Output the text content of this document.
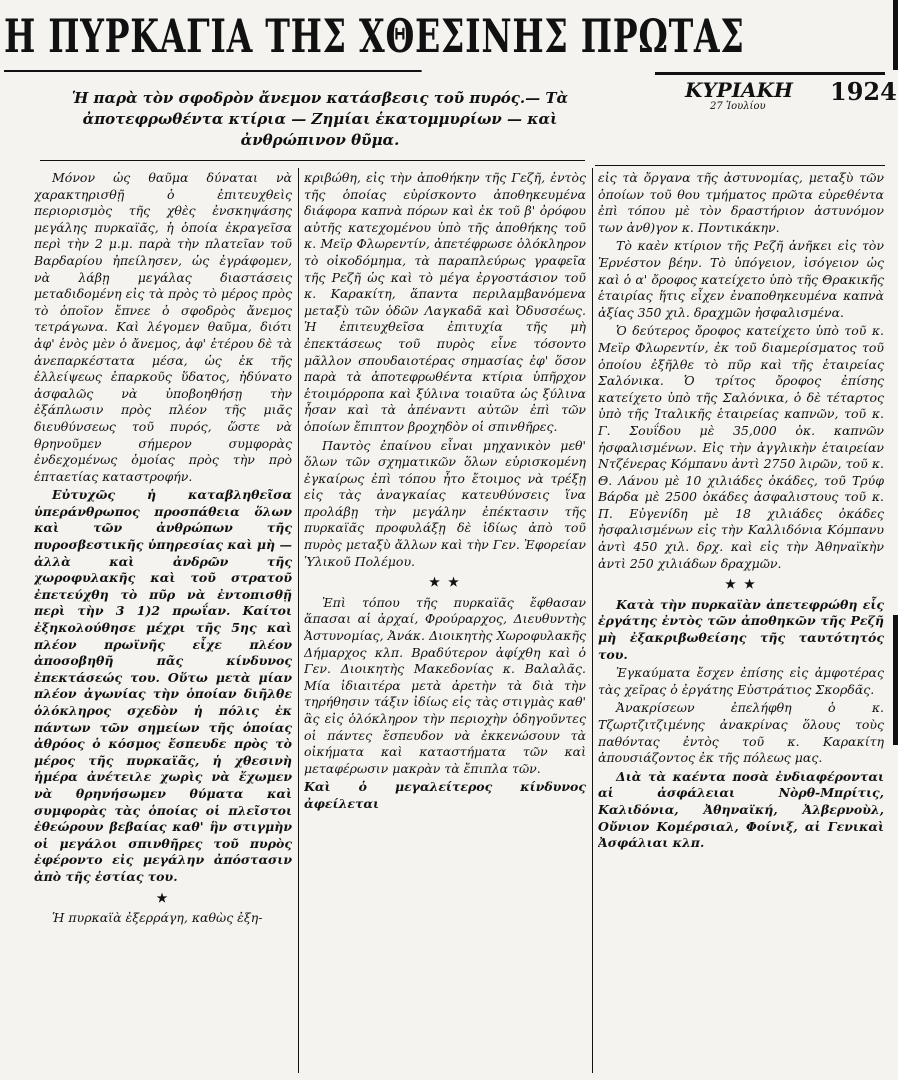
Η ΠΥΡΚΑΓΙΑ ΤΗΣ ΧΘΕΣΙΝΗΣ ΠΡΩΤΑΣ
ΚΥΡΙΑΚΗ
27 Ἰουλίου
1924
Ἡ παρὰ τὸν σφοδρὸν ἄνεμον κατάσβεσις τοῦ πυρός.— Τὰ ἀποτεφρωθέντα κτίρια — Ζημίαι ἑκατομμυρίων — καὶ ἀνθρώπινον θῦμα.

Μόνον ὡς θαῦμα δύναται νὰ χαρακτηρισθῇ ὁ ἐπιτευχθεὶς περιορισμὸς τῆς χθὲς ἐνσκηψάσης μεγάλης πυρκαϊᾶς, ἡ ὁποία ἐκραγεῖσα περὶ τὴν 2 μ.μ. παρὰ τὴν πλατεῖαν τοῦ Βαρδαρίου ἠπείλησεν, ὡς ἐγράφομεν, νὰ λάβῃ μεγάλας διαστάσεις μεταδιδομένη εἰς τὰ πρὸς τὸ μέρος πρὸς τὸ ὁποῖον ἔπνεε ὁ σφοδρὸς ἄνεμος τετράγωνα. Καὶ λέγομεν θαῦμα, διότι ἀφ' ἑνὸς μὲν ὁ ἄνεμος, ἀφ' ἑτέρου δὲ τὰ ἀνεπαρκέστατα μέσα, ὡς ἐκ τῆς ἐλλείψεως ἐπαρκοῦς ὕδατος, ἠδύνατο ἀσφαλῶς νὰ ὑποβοηθήσῃ τὴν ἐξάπλωσιν πρὸς πλέον τῆς μιᾶς διευθύνσεως τοῦ πυρός, ὥστε νὰ θρηνοῦμεν σήμερον συμφορὰς ἐνδεχομένως ὁμοίας πρὸς τὴν πρὸ ἑπταετίας καταστροφήν.

Εὐτυχῶς ἡ καταβληθεῖσα ὑπεράνθρωπος προσπάθεια ὅλων καὶ τῶν ἀνθρώπων τῆς πυροσβεστικῆς ὑπηρεσίας καὶ μὴ — ἀλλὰ καὶ ἀνδρῶν τῆς χωροφυλακῆς καὶ τοῦ στρατοῦ ἐπετεύχθη τὸ πῦρ νὰ ἐντοπισθῇ περὶ τὴν 3 1)2 πρωΐαν. Καίτοι ἐξηκολούθησε μέχρι τῆς 5ης καὶ πλέον πρωϊνῆς εἶχε πλέον ἀποσοβηθῆ πᾶς κίνδυνος ἐπεκτάσεώς του. Οὕτω μετὰ μίαν πλέον ἀγωνίας τὴν ὁποίαν διῆλθε ὁλόκληρος σχεδὸν ἡ πόλις ἐκ πάντων τῶν σημείων τῆς ὁποίας ἀθρόος ὁ κόσμος ἔσπευδε πρὸς τὸ μέρος τῆς πυρκαϊᾶς, ἡ χθεσινὴ ἡμέρα ἀνέτειλε χωρὶς νὰ ἔχωμεν νὰ θρηνήσωμεν θύματα καὶ συμφορὰς τὰς ὁποίας οἱ πλεῖστοι ἐθεώρουν βεβαίας καθ' ἣν στιγμὴν οἱ μεγάλοι σπινθῆρες τοῦ πυρὸς ἐφέροντο εἰς μεγάλην ἀπόστασιν ἀπὸ τῆς ἑστίας του.

★

Ἡ πυρκαϊὰ ἐξερράγη, καθὼς ἐξη-

κριβώθη, εἰς τὴν ἀποθήκην τῆς Γεζῆ, ἐντὸς τῆς ὁποίας εὑρίσκοντο ἀποθηκευμένα διάφορα καπνὰ πόρων καὶ ἐκ τοῦ β' ὀρόφου αὐτῆς κατεχομένου ὑπὸ τῆς ἀποθήκης τοῦ κ. Μεϊρ Φλωρεντίν, ἀπετέφρωσε ὁλόκληρον τὸ οἰκοδόμημα, τὰ παραπλεύρως γραφεῖα τῆς Ρεζῆ ὡς καὶ τὸ μέγα ἐργοστάσιον τοῦ κ. Καρακίτη, ἅπαντα περιλαμβανόμενα μεταξὺ τῶν ὁδῶν Λαγκαδᾶ καὶ Ὀδυσσέως. Ἡ ἐπιτευχθεῖσα ἐπιτυχία τῆς μὴ ἐπεκτάσεως τοῦ πυρὸς εἶνε τόσοντο μᾶλλον σπουδαιοτέρας σημασίας ἐφ' ὅσον παρὰ τὰ ἀποτεφρωθέντα κτίρια ὑπῆρχον ἑτοιμόρροπα καὶ ξύλινα τοιαῦτα ὡς ξύλινα ἦσαν καὶ τὰ ἀπέναντι αὐτῶν ἐπὶ τῶν ὁποίων ἔπιπτον βροχηδὸν οἱ σπινθῆρες.

Παντὸς ἐπαίνου εἶναι μηχανικὸν μεθ' ὅλων τῶν σχηματικῶν ὅλων εὑρισκομένη ἐγκαίρως ἐπὶ τόπου ἦτο ἔτοιμος νὰ τρέξῃ εἰς τὰς ἀναγκαίας κατευθύνσεις ἵνα προλάβῃ τὴν μεγάλην ἐπέκτασιν τῆς πυρκαϊᾶς προφυλάξῃ δὲ ἰδίως ἀπὸ τοῦ πυρὸς μεταξὺ ἄλλων καὶ τὴν Γεν. Ἐφορείαν Ὑλικοῦ Πολέμου.

★ ★

Ἐπὶ τόπου τῆς πυρκαϊᾶς ἔφθασαν ἅπασαι αἱ ἀρχαί, Φρούραρχος, Διευθυντὴς Ἀστυνομίας, Ἀνάκ. Διοικητὴς Χωροφυλακῆς Δήμαρχος κλπ. Βραδύτερον ἀφίχθη καὶ ὁ Γεν. Διοικητὴς Μακεδονίας κ. Βαλαλᾶς. Μία ἰδιαιτέρα μετὰ ἀρετὴν τὰ διὰ τὴν τηρήθησιν τάξιν ἰδίως εἰς τὰς στιγμὰς καθ' ἃς εἰς ὁλόκληρον τὴν περιοχὴν ὁδηγοῦντες οἱ πάντες ἔσπευδον νὰ ἐκκενώσουν τὰ οἰκήματα καὶ καταστήματα τῶν καὶ μεταφέρωσιν μακρὰν τὰ ἔπιπλα τῶν.

Καὶ ὁ μεγαλείτερος κίνδυνος ἀφείλεται

εἰς τὰ ὄργανα τῆς ἀστυνομίας, μεταξὺ τῶν ὁποίων τοῦ θου τμήματος πρῶτα εὑρεθέντα ἐπὶ τόπου μὲ τὸν δραστήριον ἀστυνόμον των ἀνθ)γον κ. Ποντικάκην.

Τὸ καὲν κτίριον τῆς Ρεζῆ ἀνῆκει εἰς τὸν Ἐρνέστον βέην. Τὸ ὑπόγειον, ἰσόγειον ὡς καὶ ὁ α' ὄροφος κατείχετο ὑπὸ τῆς Θρακικῆς ἑταιρίας ἥτις εἶχεν ἐναποθηκευμένα καπνὰ ἀξίας 350 χιλ. δραχμῶν ἠσφαλισμένα.

Ὁ δεύτερος ὄροφος κατείχετο ὑπὸ τοῦ κ. Μεϊρ Φλωρεντίν, ἐκ τοῦ διαμερίσματος τοῦ ὁποίου ἐξῆλθε τὸ πῦρ καὶ τῆς ἑταιρείας Σαλόνικα. Ὁ τρίτος ὄροφος ἐπίσης κατείχετο ὑπὸ τῆς Σαλόνικα, ὁ δὲ τέταρτος ὑπὸ τῆς Ἰταλικῆς ἑταιρείας καπνῶν, τοῦ κ. Γ. Σουΐδου μὲ 35,000 ὀκ. καπνῶν ἠσφαλισμένων. Εἰς τὴν ἀγγλικὴν ἑταιρείαν Ντζένερας Κόμπανυ ἀντὶ 2750 λιρῶν, τοῦ κ. Θ. Λάνου μὲ 10 χιλιάδες ὀκάδες, τοῦ Τρύφ Βάρδα μὲ 2500 ὀκάδες ἀσφαλιστους τοῦ κ. Π. Εὐγενίδη μὲ 18 χιλιάδες ὀκάδες ἠσφαλισμένων εἰς τὴν Καλλιδόνια Κόμπανυ ἀντὶ 450 χιλ. δρχ. καὶ εἰς τὴν Ἀθηναϊκὴν ἀντὶ 250 χιλιάδων δραχμῶν.

★ ★

Κατὰ τὴν πυρκαϊὰν ἀπετεφρώθη εἷς ἐργάτης ἐντὸς τῶν ἀποθηκῶν τῆς Ρεζῆ μὴ ἐξακριβωθείσης τῆς ταυτότητός του.

Ἐγκαύματα ἔσχεν ἐπίσης εἰς ἀμφοτέρας τὰς χεῖρας ὁ ἐργάτης Εὐστράτιος Σκορδᾶς.

Ἀνακρίσεων ἐπελήφθη ὁ κ. Τζωρτζιτζιμένης ἀνακρίνας ὅλους τοὺς παθόντας ἐντὸς τοῦ κ. Καρακίτη ἀπουσιάζοντος ἐκ τῆς πόλεως μας.

Διὰ τὰ καέντα ποσὰ ἐνδιαφέρονται αἱ ἀσφάλειαι Νὸρθ-Μπρίτις, Καλιδόνια, Ἀθηναϊκή, Ἀλβερνοὺλ, Οὔνιον Κομέρσιαλ, Φοίνιξ, αἱ Γενικαὶ Ἀσφάλιαι κλπ.
